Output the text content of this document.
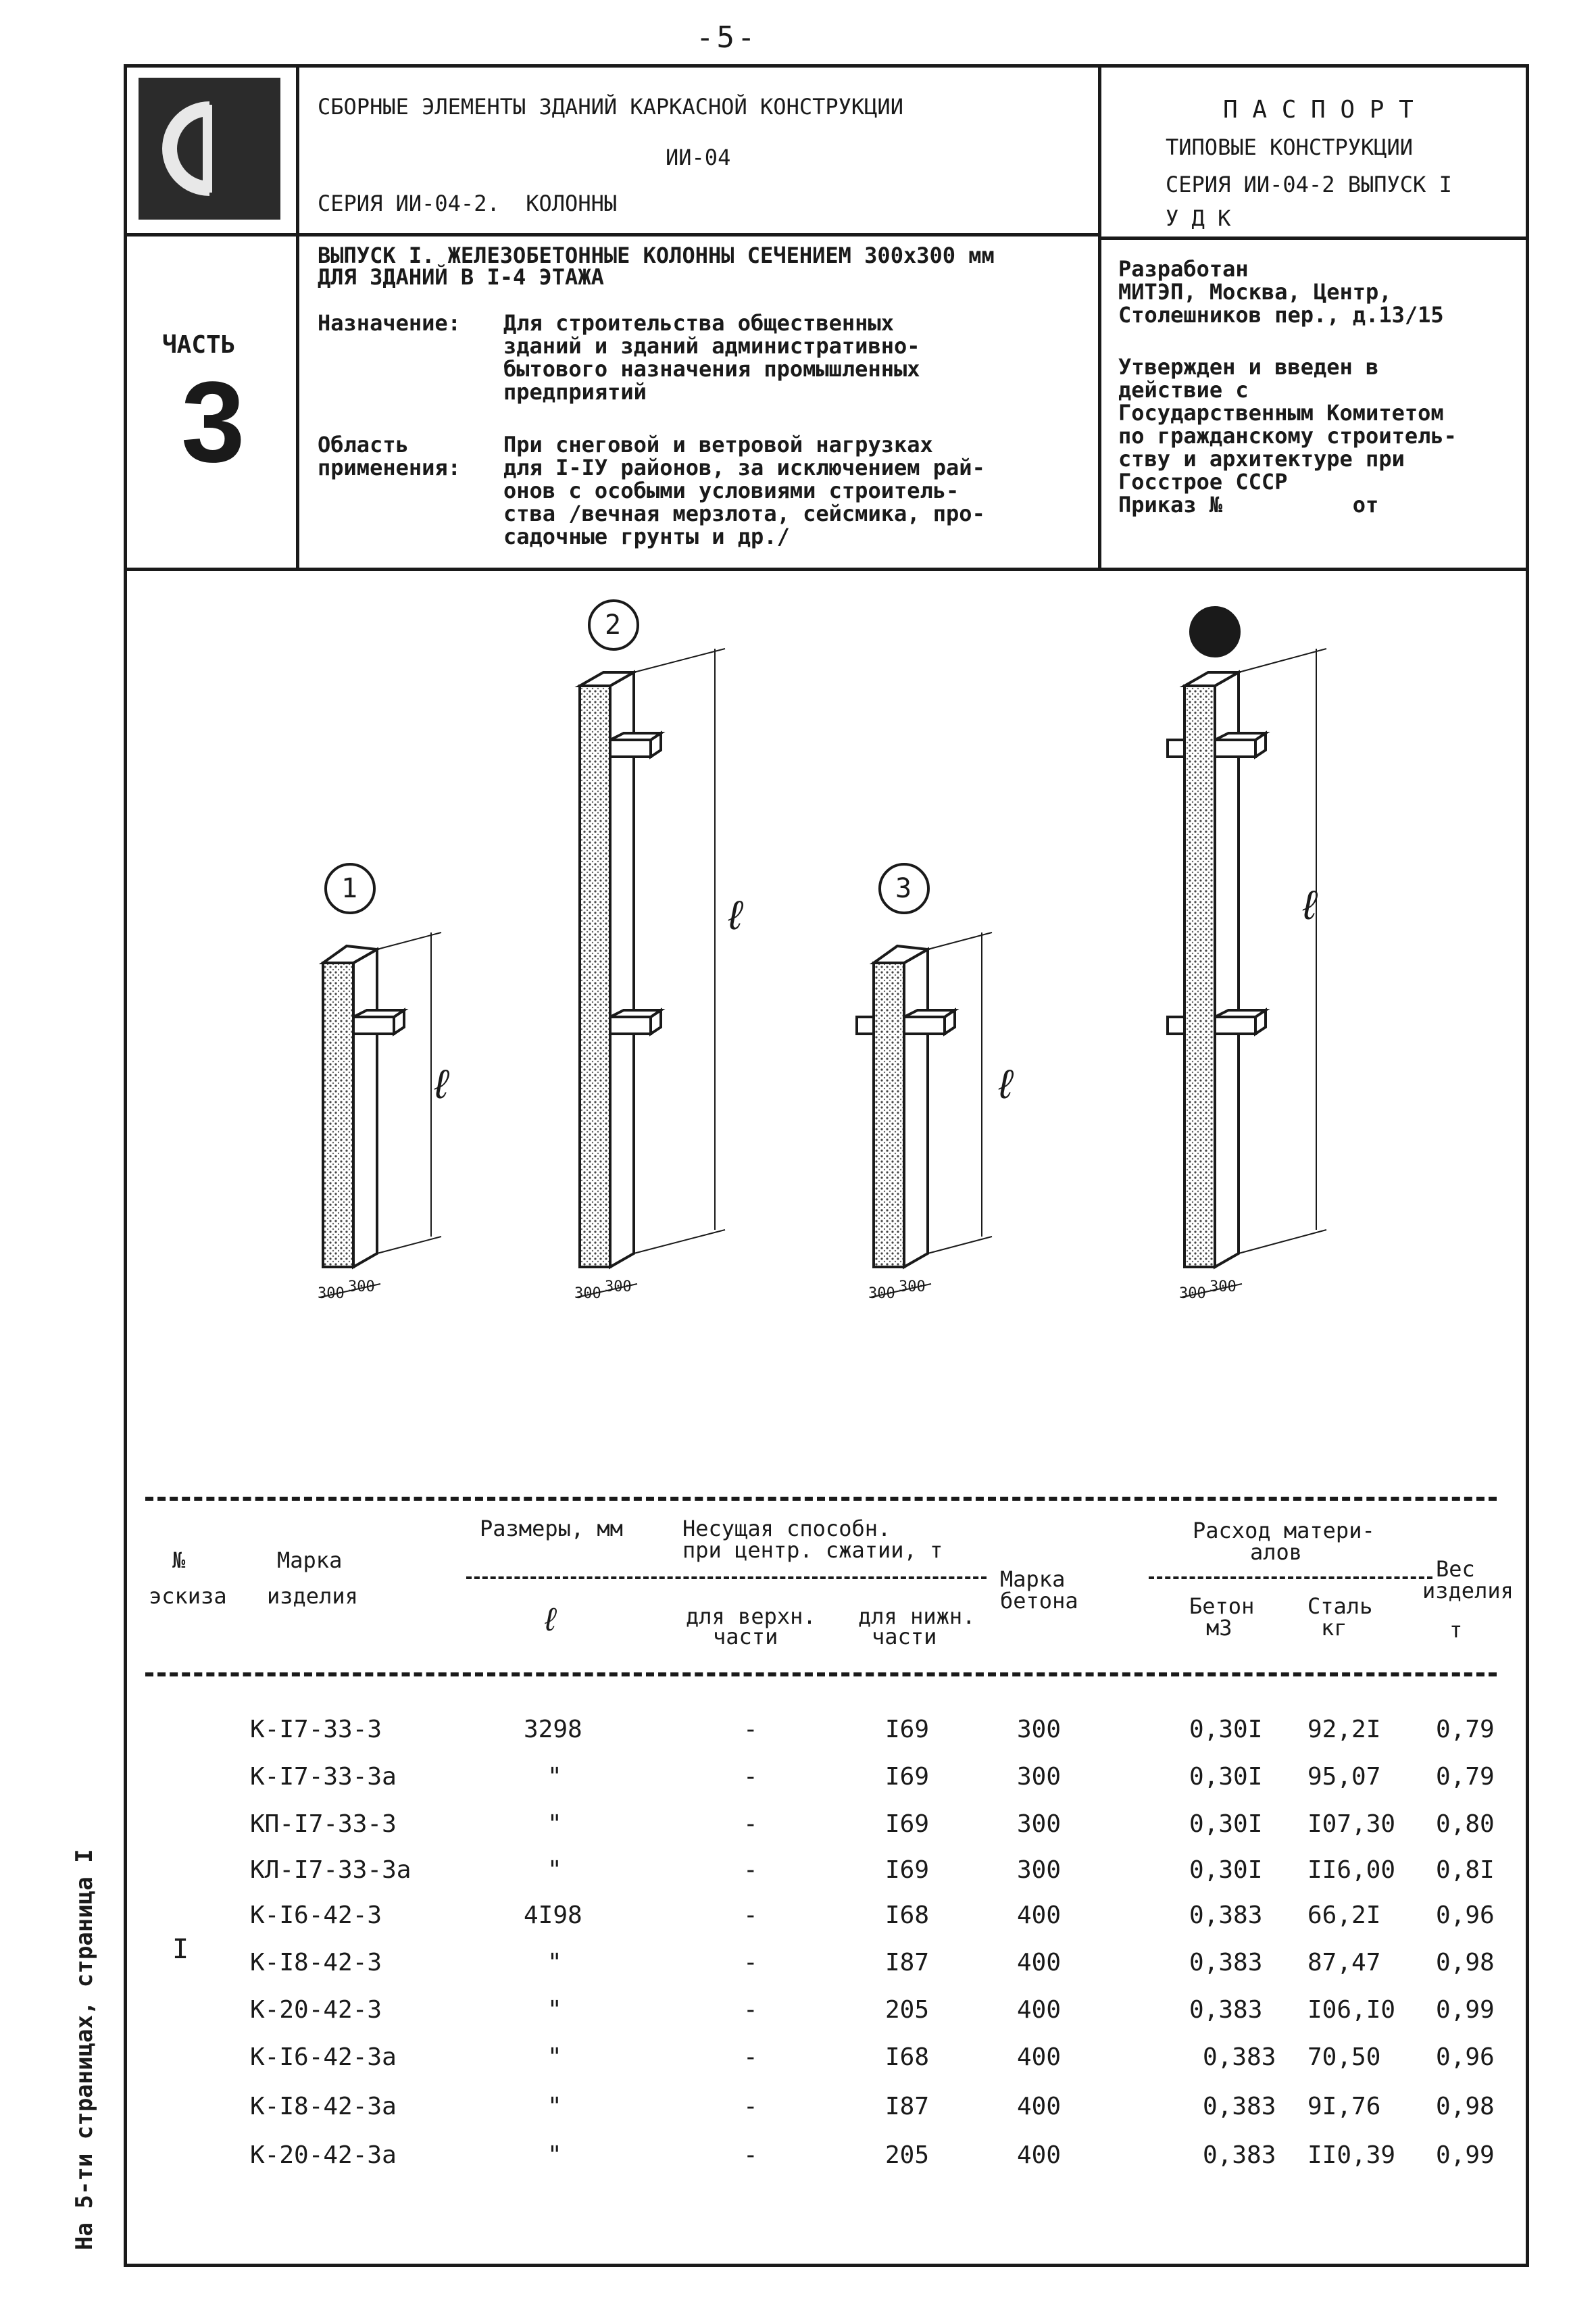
-5-
ЧАСТЬ
3
СБОРНЫЕ ЭЛЕМЕНТЫ ЗДАНИЙ КАРКАСНОЙ КОНСТРУКЦИИ
ИИ-04
СЕРИЯ ИИ-04-2.  КОЛОННЫ
ВЫПУСК I. ЖЕЛЕЗОБЕТОННЫЕ КОЛОННЫ СЕЧЕНИЕМ 300х300 мм
ДЛЯ ЗДАНИЙ В I-4 ЭТАЖА
Назначение: Для строительства общественных
зданий и зданий административно-
бытового назначения промышленных
предприятий
Область
применения:
При снеговой и ветровой нагрузках
для I-IУ районов, за исключением рай-
онов с особыми условиями строитель-
ства /вечная мерзлота, сейсмика, про-
садочные грунты и др./
П А С П О Р Т
ТИПОВЫЕ КОНСТРУКЦИИ
СЕРИЯ ИИ-04-2 ВЫПУСК I
У Д К
Разработан
МИТЭП, Москва, Центр,
Столешников пер., д.13/15
Утвержден и введен в
действие с
Государственным Комитетом
по гражданскому строитель-
ству и архитектуре при
Госстрое СССР
Приказ №          от
1
2
3
ℓ
ℓ
ℓ
ℓ
300 300	300 300	300 300	300 300
№
эскиза
Марка
изделия
Размеры, мм
ℓ
Несущая способн.
при центр. сжатии, т
для верхн.
части
для нижн.
части
Марка
бетона
Расход матери-
алов
Бетон
м3
Сталь
кг
Вес
изделия
т
I
К-I7-33-3	3298	-	I69	300	0,30I 92,2I 0,79
К-I7-33-3а	"	-	I69	300	0,30I 95,07 0,79
КП-I7-33-3	"	-	I69	300	0,30I I07,30 0,80
КЛ-I7-33-3а	"	-	I69	300	0,30I II6,00 0,8I
К-I6-42-3	4I98	-	I68	400	0,383 66,2I 0,96
К-I8-42-3	"	-	I87	400	0,383 87,47 0,98
К-20-42-3	"	-	205	400	0,383 I06,I0 0,99
К-I6-42-3а	"	-	I68	400	0,383 70,50 0,96
К-I8-42-3а	"	-	I87	400	0,383 9I,76 0,98
К-20-42-3а	"	-	205	400	0,383 II0,39 0,99
На 5-ти страницах, страница I
